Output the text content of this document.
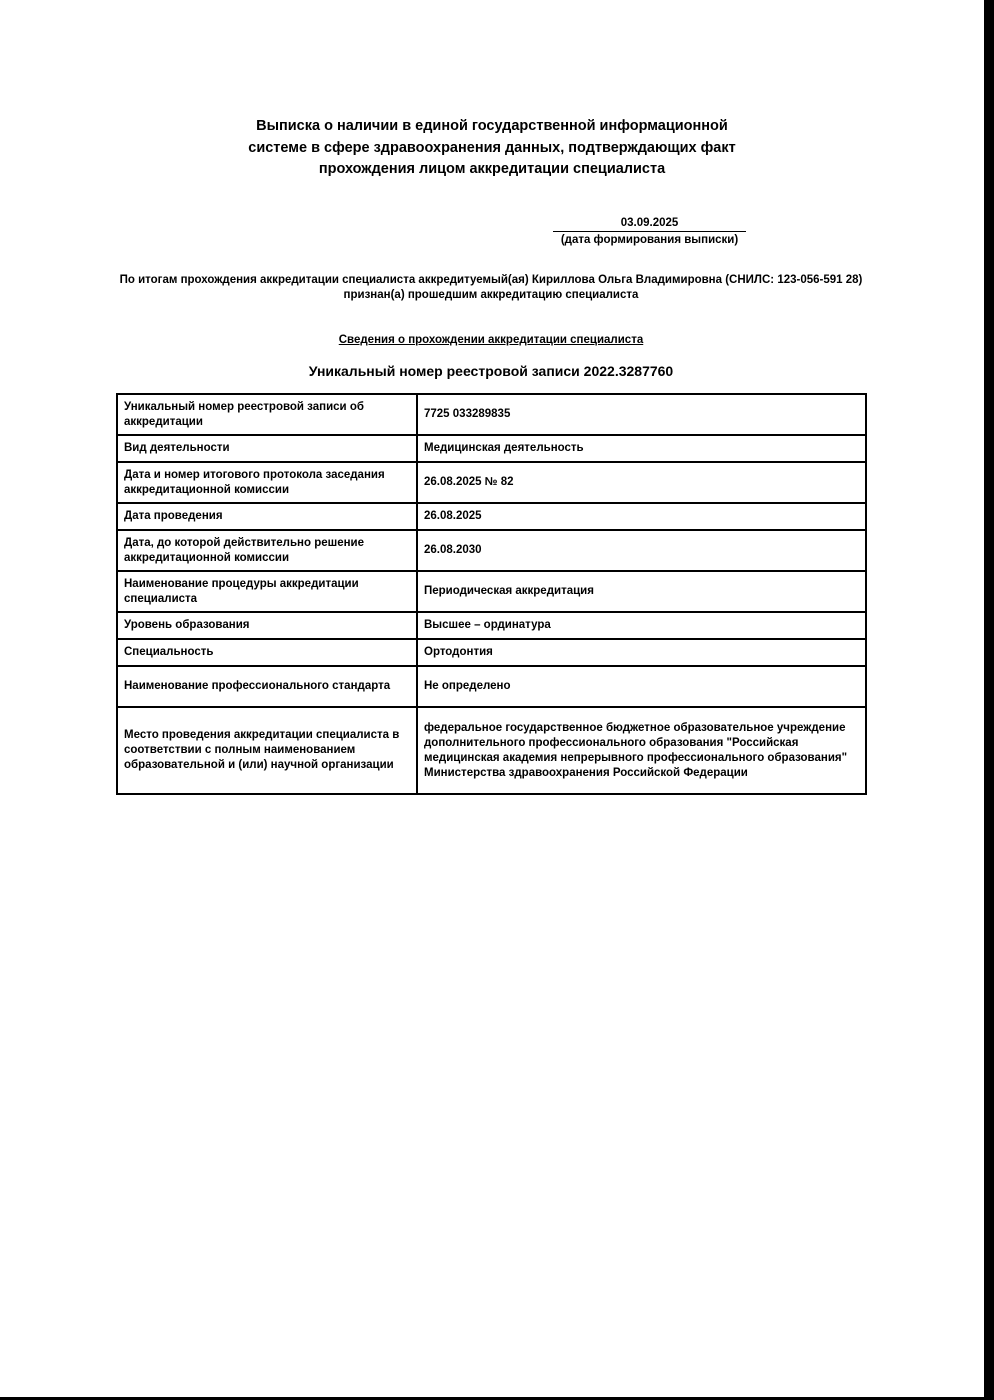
Выписка о наличии в единой государственной информационной
системе в сфере здравоохранения данных, подтверждающих факт
прохождения лицом аккредитации специалиста
03.09.2025
(дата формирования выписки)
По итогам прохождения аккредитации специалиста аккредитуемый(ая) Кириллова Ольга Владимировна (СНИЛС: 123-056-591 28) признан(а) прошедшим аккредитацию специалиста
Сведения о прохождении аккредитации специалиста
Уникальный номер реестровой записи 2022.3287760
Уникальный номер реестровой записи об аккредитации	7725 033289835
Вид деятельности	Медицинская деятельность
Дата и номер итогового протокола заседания аккредитационной комиссии	26.08.2025 № 82
Дата проведения	26.08.2025
Дата, до которой действительно решение аккредитационной комиссии	26.08.2030
Наименование процедуры аккредитации специалиста	Периодическая аккредитация
Уровень образования	Высшее – ординатура
Специальность	Ортодонтия
Наименование профессионального стандарта	Не определено
Место проведения аккредитации специалиста в соответствии с полным наименованием образовательной и (или) научной организации	федеральное государственное бюджетное образовательное учреждение дополнительного профессионального образования "Российская медицинская академия непрерывного профессионального образования" Министерства здравоохранения Российской Федерации
